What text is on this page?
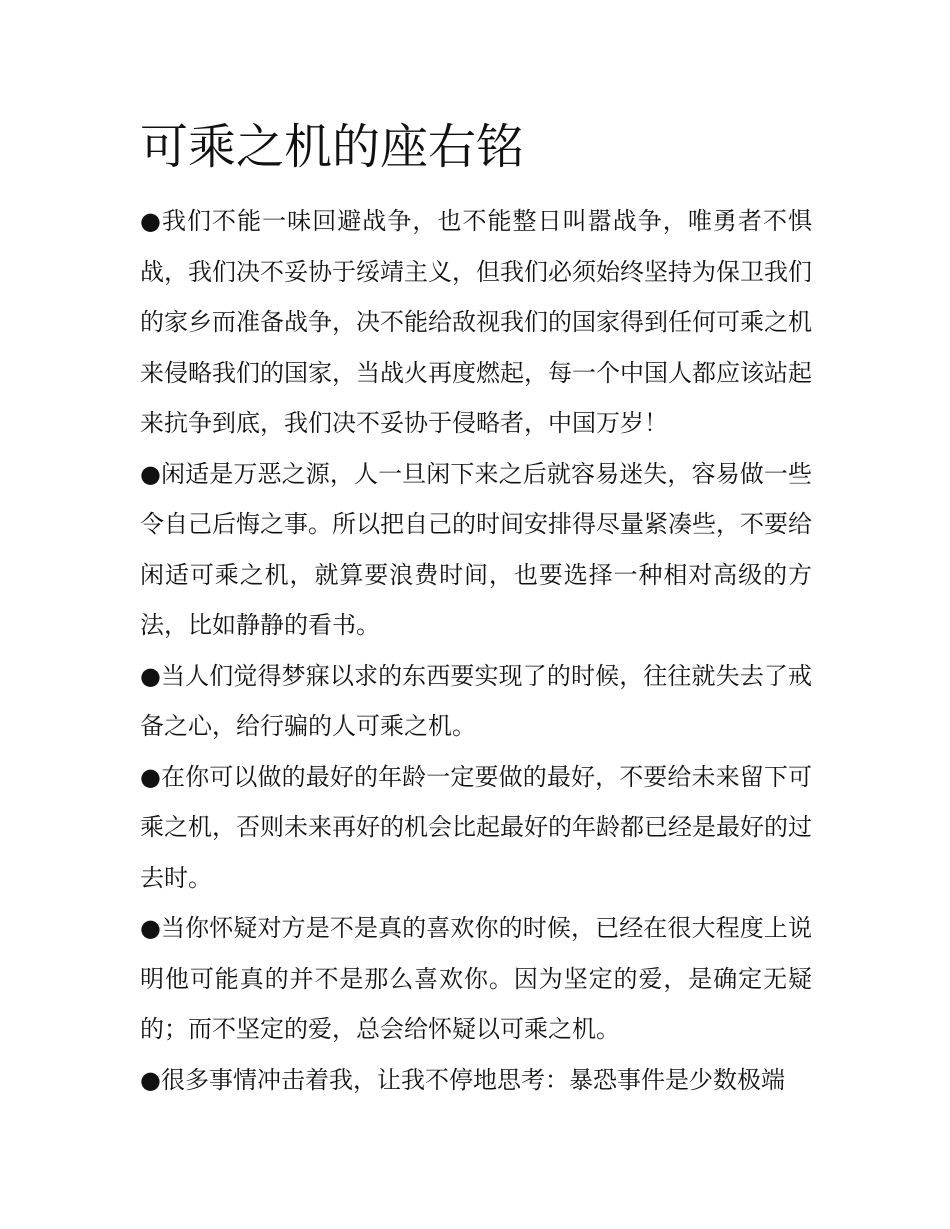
可乘之机的座右铭

●我们不能一味回避战争，也不能整日叫嚣战争，唯勇者不惧战，我们决不妥协于绥靖主义，但我们必须始终坚持为保卫我们的家乡而准备战争，决不能给敌视我们的国家得到任何可乘之机来侵略我们的国家，当战火再度燃起，每一个中国人都应该站起来抗争到底，我们决不妥协于侵略者，中国万岁！

●闲适是万恶之源，人一旦闲下来之后就容易迷失，容易做一些令自己后悔之事。所以把自己的时间安排得尽量紧凑些，不要给闲适可乘之机，就算要浪费时间，也要选择一种相对高级的方法，比如静静的看书。

●当人们觉得梦寐以求的东西要实现了的时候，往往就失去了戒备之心，给行骗的人可乘之机。

●在你可以做的最好的年龄一定要做的最好，不要给未来留下可乘之机，否则未来再好的机会比起最好的年龄都已经是最好的过去时。

●当你怀疑对方是不是真的喜欢你的时候，已经在很大程度上说明他可能真的并不是那么喜欢你。因为坚定的爱，是确定无疑的；而不坚定的爱，总会给怀疑以可乘之机。

●很多事情冲击着我，让我不停地思考：暴恐事件是少数极端
